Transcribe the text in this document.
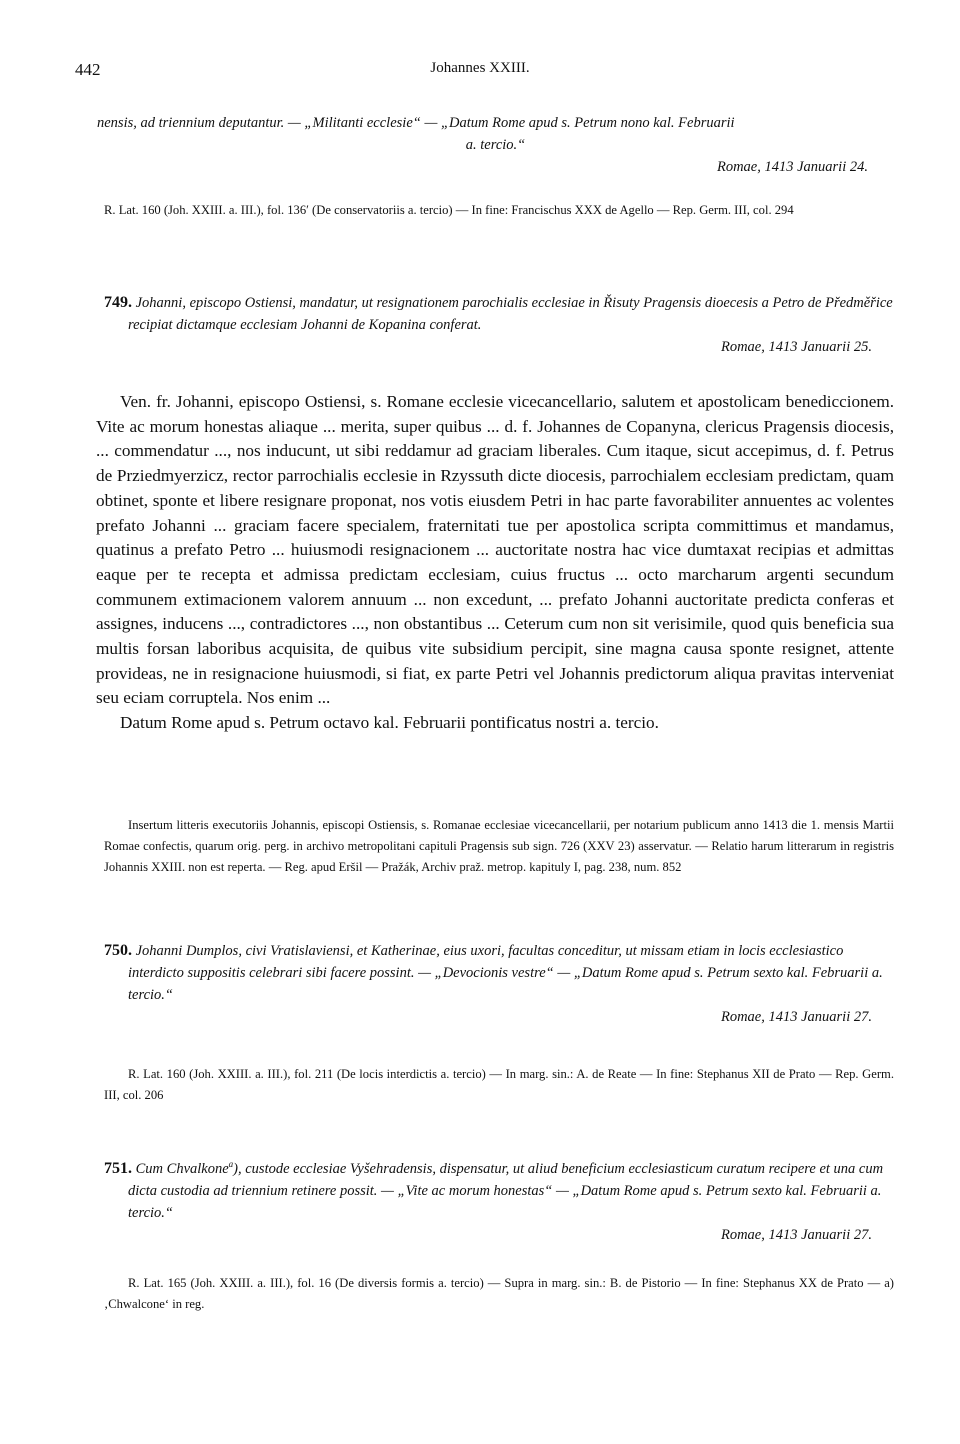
442	Johannes XXIII.

nensis, ad triennium deputantur. — „Militanti ecclesie“ — „Datum Rome apud s. Petrum nono kal. Februarii

a. tercio.“

Romae, 1413 Januarii 24.

R. Lat. 160 (Joh. XXIII. a. III.), fol. 136′ (De conservatoriis a. tercio) — In fine: Francischus XXX de Agello — Rep. Germ. III, col. 294

749. Johanni, episcopo Ostiensi, mandatur, ut resignationem parochialis ecclesiae in Řisuty Pragensis dioecesis a Petro de Předměřice recipiat dictamque ecclesiam Johanni de Kopanina conferat.

Romae, 1413 Januarii 25.

Ven. fr. Johanni, episcopo Ostiensi, s. Romane ecclesie vicecancellario, salutem et apostolicam benediccionem. Vite ac morum honestas aliaque ... merita, super quibus ... d. f. Johannes de Copanyna, clericus Pragensis diocesis, ... commendatur ..., nos inducunt, ut sibi reddamur ad graciam liberales. Cum itaque, sicut accepimus, d. f. Petrus de Prziedmyerzicz, rector parrochialis ecclesie in Rzyssuth dicte diocesis, parrochialem ecclesiam predictam, quam obtinet, sponte et libere resignare proponat, nos votis eiusdem Petri in hac parte favorabiliter annuentes ac volentes prefato Johanni ... graciam facere specialem, fraternitati tue per apostolica scripta committimus et mandamus, quatinus a prefato Petro ... huiusmodi resignacionem ... auctoritate nostra hac vice dumtaxat recipias et admittas eaque per te recepta et admissa predictam ecclesiam, cuius fructus ... octo marcharum argenti secundum communem extimacionem valorem annuum ... non excedunt, ... prefato Johanni auctoritate predicta conferas et assignes, inducens ..., contradictores ..., non obstantibus ... Ceterum cum non sit verisimile, quod quis beneficia sua multis forsan laboribus acquisita, de quibus vite subsidium percipit, sine magna causa sponte resignet, attente provideas, ne in resignacione huiusmodi, si fiat, ex parte Petri vel Johannis predictorum aliqua pravitas interveniat seu eciam corruptela. Nos enim ...

Datum Rome apud s. Petrum octavo kal. Februarii pontificatus nostri a. tercio.

Insertum litteris executoriis Johannis, episcopi Ostiensis, s. Romanae ecclesiae vicecancellarii, per notarium publicum anno 1413 die 1. mensis Martii Romae confectis, quarum orig. perg. in archivo metropolitani capituli Pragensis sub sign. 726 (XXV 23) asservatur. — Relatio harum litterarum in registris Johannis XXIII. non est reperta. — Reg. apud Eršil — Pražák, Archiv praž. metrop. kapituly I, pag. 238, num. 852

750. Johanni Dumplos, civi Vratislaviensi, et Katherinae, eius uxori, facultas conceditur, ut missam etiam in locis ecclesiastico interdicto suppositis celebrari sibi facere possint. — „Devocionis vestre“ — „Datum Rome apud s. Petrum sexto kal. Februarii a. tercio.“

Romae, 1413 Januarii 27.

R. Lat. 160 (Joh. XXIII. a. III.), fol. 211 (De locis interdictis a. tercio) — In marg. sin.: A. de Reate — In fine: Stephanus XII de Prato — Rep. Germ. III, col. 206

751. Cum Chvalkone$^a$), custode ecclesiae Vyšehradensis, dispensatur, ut aliud beneficium ecclesiasticum curatum recipere et una cum dicta custodia ad triennium retinere possit. — „Vite ac morum honestas“ — „Datum Rome apud s. Petrum sexto kal. Februarii a. tercio.“

Romae, 1413 Januarii 27.

R. Lat. 165 (Joh. XXIII. a. III.), fol. 16 (De diversis formis a. tercio) — Supra in marg. sin.: B. de Pistorio — In fine: Stephanus XX de Prato — a) ‚Chwalcone‘ in reg.
